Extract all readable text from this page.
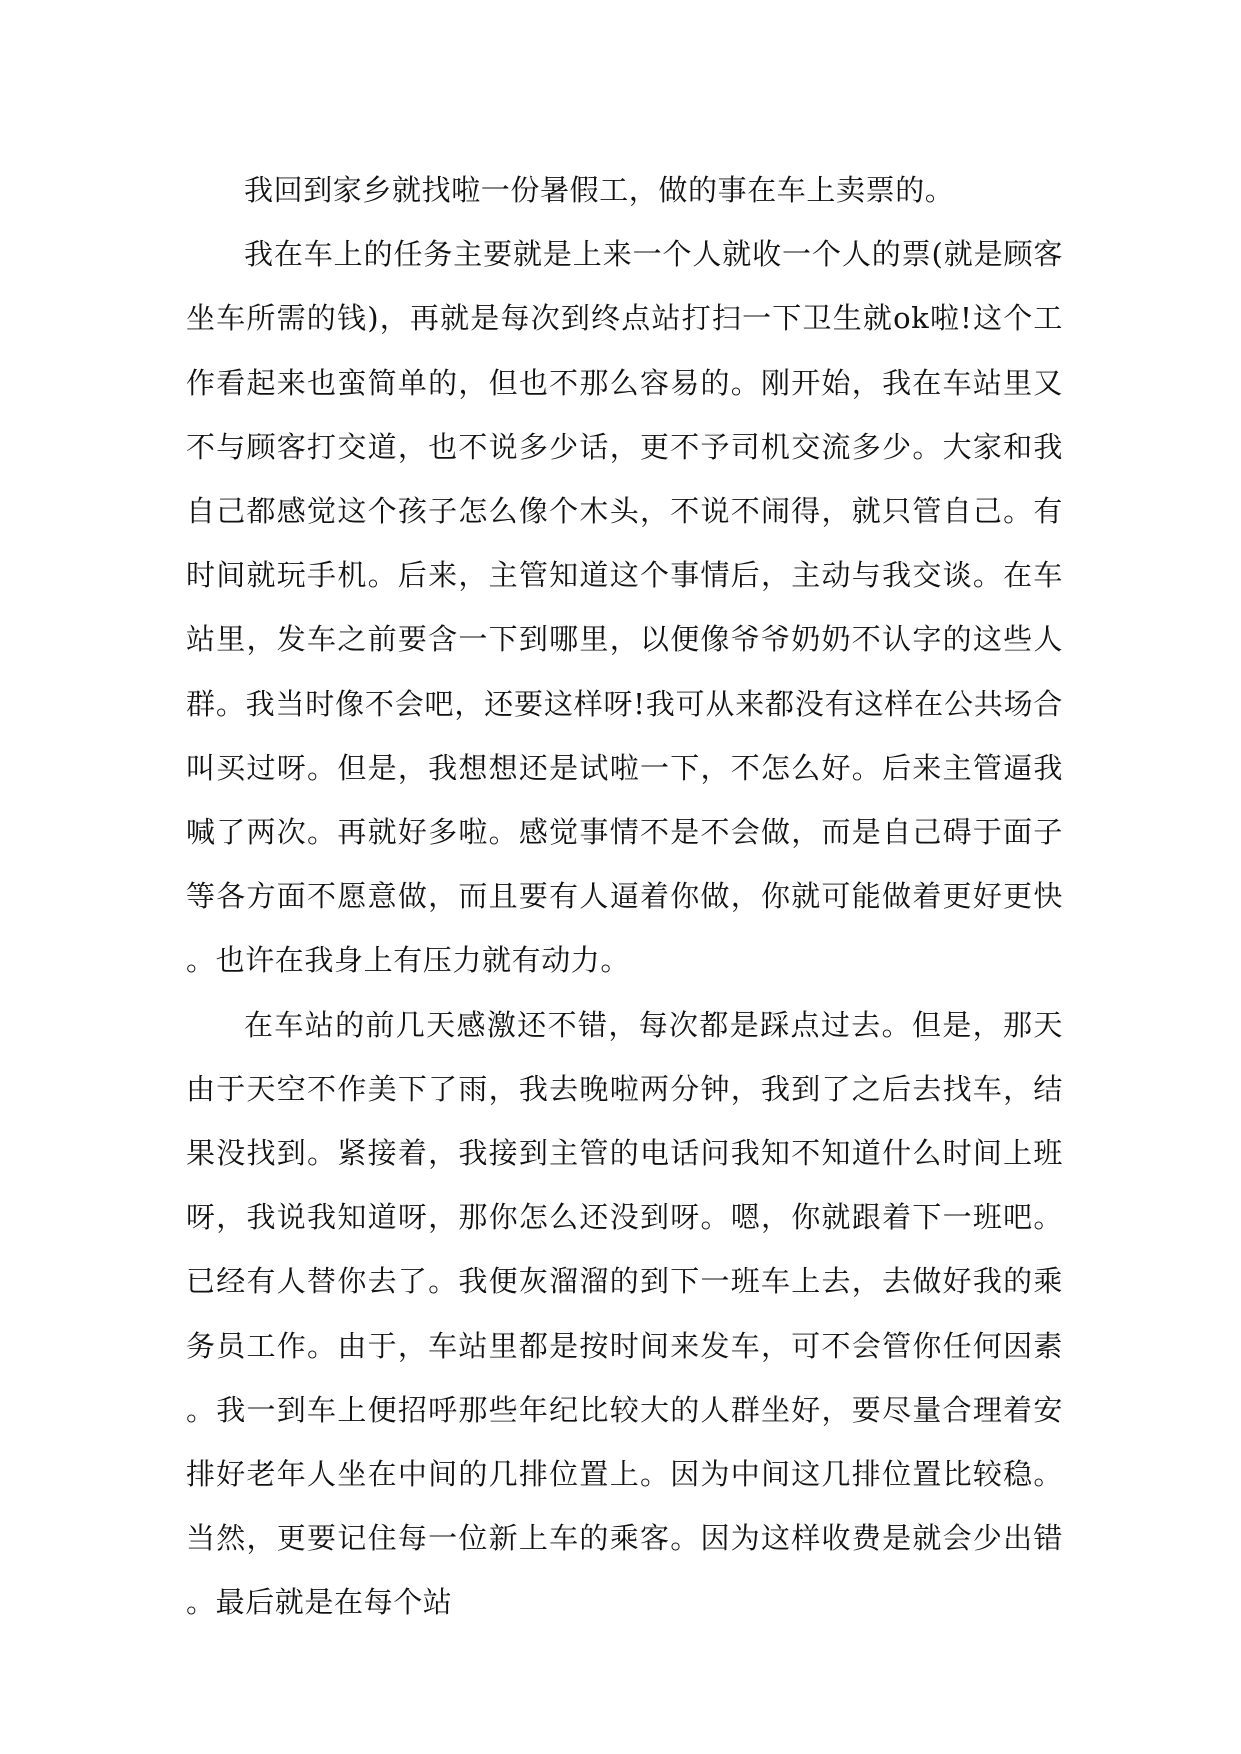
我回到家乡就找啦一份暑假工，做的事在车上卖票的。

我在车上的任务主要就是上来一个人就收一个人的票(就是顾客坐车所需的钱)，再就是每次到终点站打扫一下卫生就ok啦!这个工作看起来也蛮简单的，但也不那么容易的。刚开始，我在车站里又不与顾客打交道，也不说多少话，更不予司机交流多少。大家和我自己都感觉这个孩子怎么像个木头，不说不闹得，就只管自己。有时间就玩手机。后来，主管知道这个事情后，主动与我交谈。在车站里，发车之前要含一下到哪里，以便像爷爷奶奶不认字的这些人群。我当时像不会吧，还要这样呀!我可从来都没有这样在公共场合叫买过呀。但是，我想想还是试啦一下，不怎么好。后来主管逼我喊了两次。再就好多啦。感觉事情不是不会做，而是自己碍于面子等各方面不愿意做，而且要有人逼着你做，你就可能做着更好更快。也许在我身上有压力就有动力。

在车站的前几天感激还不错，每次都是踩点过去。但是，那天由于天空不作美下了雨，我去晚啦两分钟，我到了之后去找车，结果没找到。紧接着，我接到主管的电话问我知不知道什么时间上班呀，我说我知道呀，那你怎么还没到呀。嗯，你就跟着下一班吧。已经有人替你去了。我便灰溜溜的到下一班车上去，去做好我的乘务员工作。由于，车站里都是按时间来发车，可不会管你任何因素。我一到车上便招呼那些年纪比较大的人群坐好，要尽量合理着安排好老年人坐在中间的几排位置上。因为中间这几排位置比较稳。当然，更要记住每一位新上车的乘客。因为这样收费是就会少出错。最后就是在每个站
